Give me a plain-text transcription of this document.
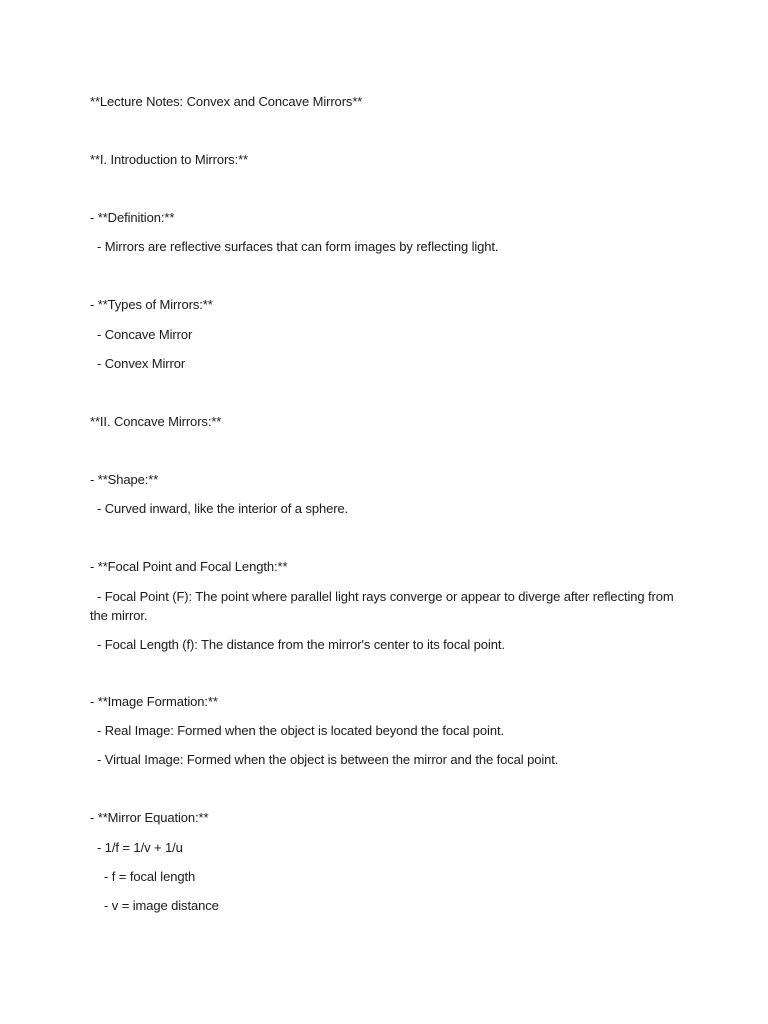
**Lecture Notes: Convex and Concave Mirrors**
**I. Introduction to Mirrors:**
- **Definition:**
- Mirrors are reflective surfaces that can form images by reflecting light.
- **Types of Mirrors:**
- Concave Mirror
- Convex Mirror
**II. Concave Mirrors:**
- **Shape:**
- Curved inward, like the interior of a sphere.
- **Focal Point and Focal Length:**
- Focal Point (F): The point where parallel light rays converge or appear to diverge after reflecting from the mirror.
- Focal Length (f): The distance from the mirror's center to its focal point.
- **Image Formation:**
- Real Image: Formed when the object is located beyond the focal point.
- Virtual Image: Formed when the object is between the mirror and the focal point.
- **Mirror Equation:**
- 1/f = 1/v + 1/u
- f = focal length
- v = image distance
